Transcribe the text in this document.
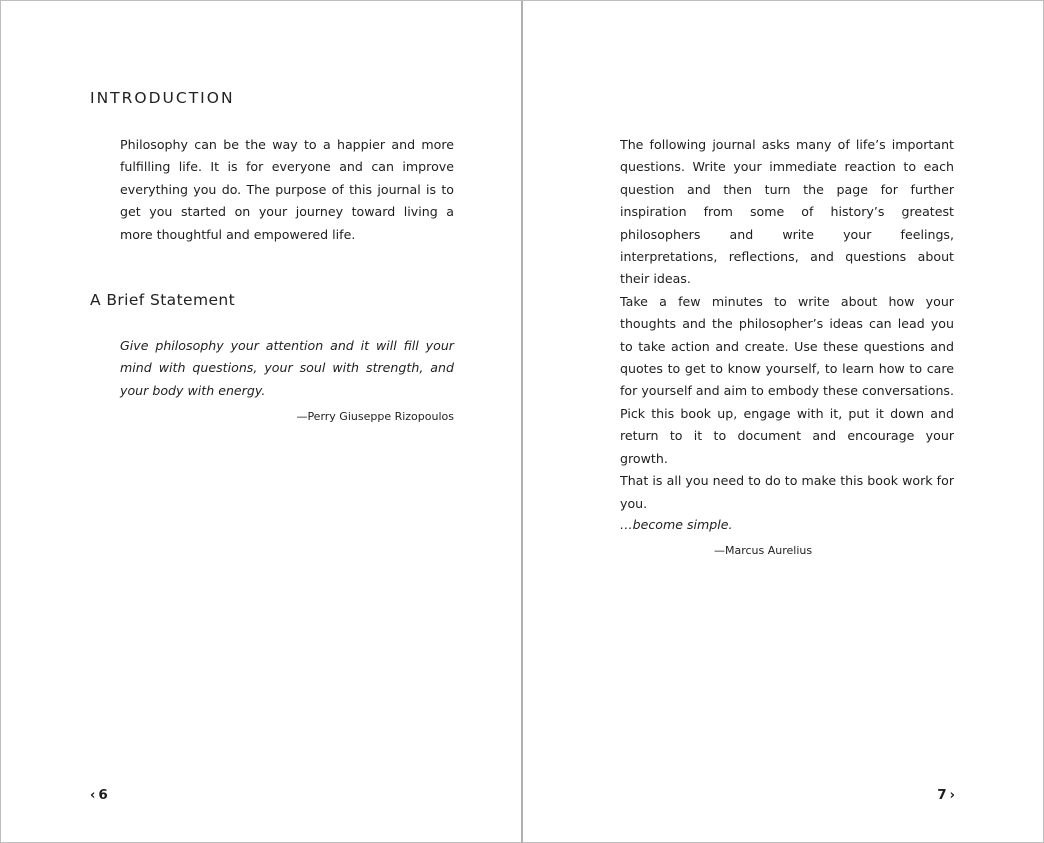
INTRODUCTION

Philosophy can be the way to a happier and more fulfilling life. It is for everyone and can improve everything you do. The purpose of this journal is to get you started on your journey toward living a more thoughtful and empowered life.

A Brief Statement

Give philosophy your attention and it will fill your mind with questions, your soul with strength, and your body with energy.

—Perry Giuseppe Rizopoulos

‹ 6

The following journal asks many of life’s important questions. Write your immediate reaction to each question and then turn the page for further inspiration from some of history’s greatest philosophers and write your feelings, interpretations, reflections, and questions about their ideas.

Take a few minutes to write about how your thoughts and the philosopher’s ideas can lead you to take action and create. Use these questions and quotes to get to know yourself, to learn how to care for yourself and aim to embody these conversations. Pick this book up, engage with it, put it down and return to it to document and encourage your growth.

That is all you need to do to make this book work for you.

…become simple.

—Marcus Aurelius

7 ›
